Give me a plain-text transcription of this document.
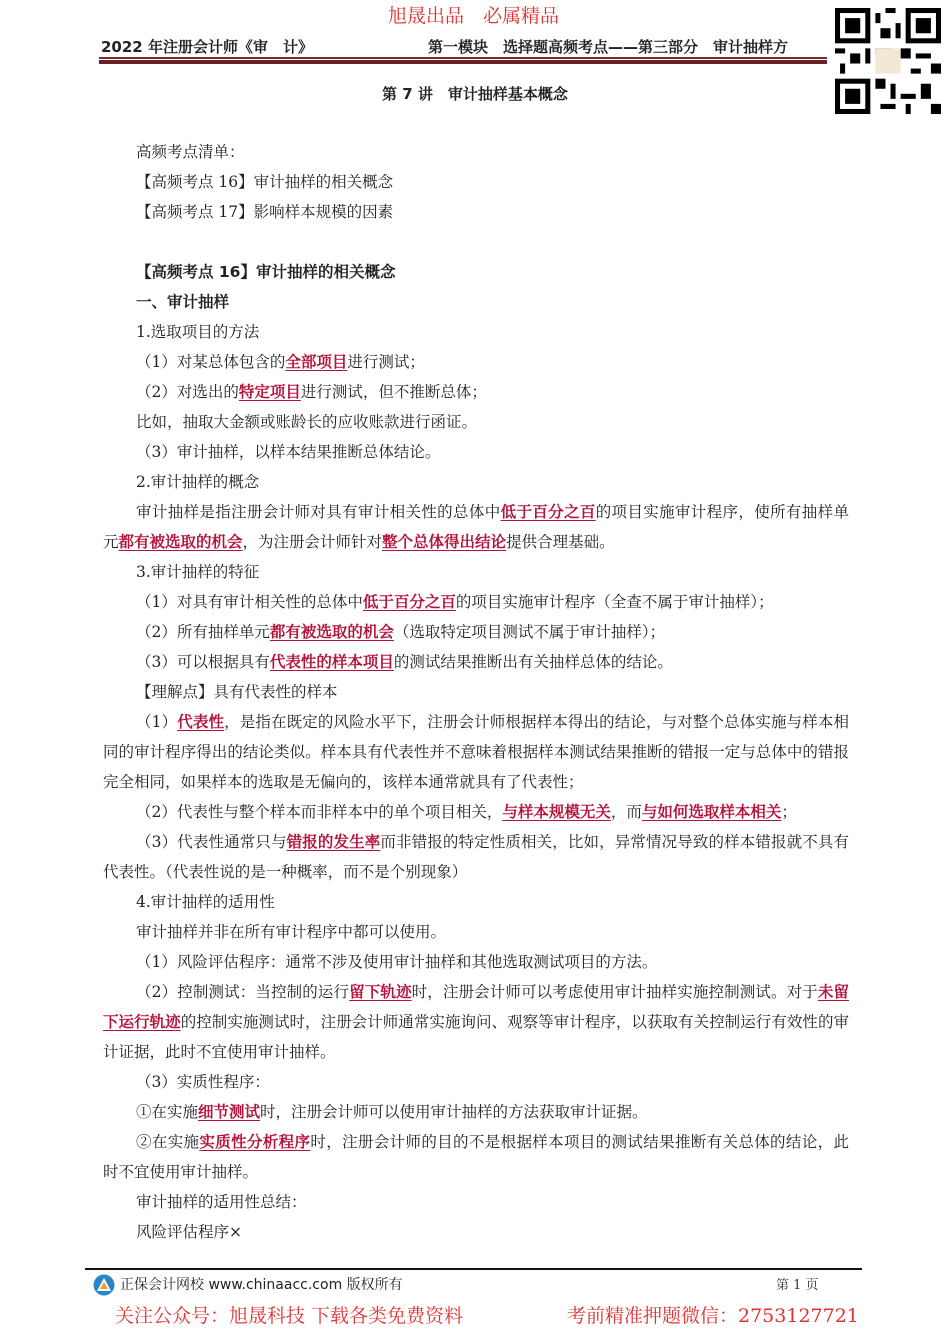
旭晟出品　必属精品
2022 年注册会计师《审　计》	第一模块　选择题高频考点——第三部分　审计抽样方
第 7 讲　审计抽样基本概念

高频考点清单：

【高频考点 16】审计抽样的相关概念

【高频考点 17】影响样本规模的因素

【高频考点 16】审计抽样的相关概念

一、审计抽样

1.选取项目的方法

（1）对某总体包含的全部项目进行测试；

（2）对选出的特定项目进行测试，但不推断总体；

比如，抽取大金额或账龄长的应收账款进行函证。

（3）审计抽样，以样本结果推断总体结论。

2.审计抽样的概念

审计抽样是指注册会计师对具有审计相关性的总体中低于百分之百的项目实施审计程序，使所有抽样单元都有被选取的机会，为注册会计师针对整个总体得出结论提供合理基础。

3.审计抽样的特征

（1）对具有审计相关性的总体中低于百分之百的项目实施审计程序（全查不属于审计抽样）；

（2）所有抽样单元都有被选取的机会（选取特定项目测试不属于审计抽样）；

（3）可以根据具有代表性的样本项目的测试结果推断出有关抽样总体的结论。

【理解点】具有代表性的样本

（1）代表性，是指在既定的风险水平下，注册会计师根据样本得出的结论，与对整个总体实施与样本相同的审计程序得出的结论类似。样本具有代表性并不意味着根据样本测试结果推断的错报一定与总体中的错报完全相同，如果样本的选取是无偏向的，该样本通常就具有了代表性；

（2）代表性与整个样本而非样本中的单个项目相关，与样本规模无关，而与如何选取样本相关；

（3）代表性通常只与错报的发生率而非错报的特定性质相关，比如，异常情况导致的样本错报就不具有代表性。（代表性说的是一种概率，而不是个别现象）

4.审计抽样的适用性

审计抽样并非在所有审计程序中都可以使用。

（1）风险评估程序：通常不涉及使用审计抽样和其他选取测试项目的方法。

（2）控制测试：当控制的运行留下轨迹时，注册会计师可以考虑使用审计抽样实施控制测试。对于未留下运行轨迹的控制实施测试时，注册会计师通常实施询问、观察等审计程序，以获取有关控制运行有效性的审计证据，此时不宜使用审计抽样。

（3）实质性程序：

①在实施细节测试时，注册会计师可以使用审计抽样的方法获取审计证据。

②在实施实质性分析程序时，注册会计师的目的不是根据样本项目的测试结果推断有关总体的结论，此时不宜使用审计抽样。

审计抽样的适用性总结：

风险评估程序×

正保会计网校 www.chinaacc.com 版权所有	第 1 页
关注公众号：旭晟科技 下载各类免费资料	考前精准押题微信：2753127721
